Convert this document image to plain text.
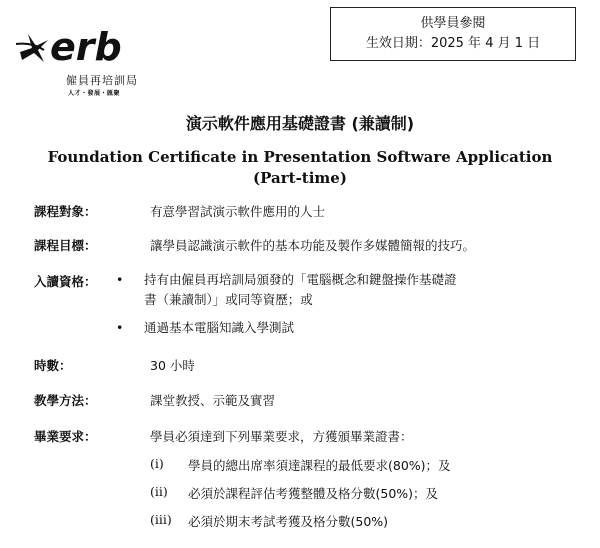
erb
僱員再培訓局
人才・發展・匯聚
供學員參閱
生效日期：2025 年 4 月 1 日
演示軟件應用基礎證書 (兼讀制)
Foundation Certificate in Presentation Software Application
(Part-time)
課程對象：	有意學習試演示軟件應用的人士
課程目標：	讓學員認識演示軟件的基本功能及製作多媒體簡報的技巧。
入讀資格：	• 持有由僱員再培訓局頒發的「電腦概念和鍵盤操作基礎證
書（兼讀制）」或同等資歷；或
• 通過基本電腦知識入學測試
時數：	30 小時
教學方法：	課堂教授、示範及實習
畢業要求：	學員必須達到下列畢業要求，方獲頒畢業證書：
(i) 學員的總出席率須達課程的最低要求(80%)；及
(ii) 必須於課程評估考獲整體及格分數(50%)；及
(iii) 必須於期末考試考獲及格分數(50%)
